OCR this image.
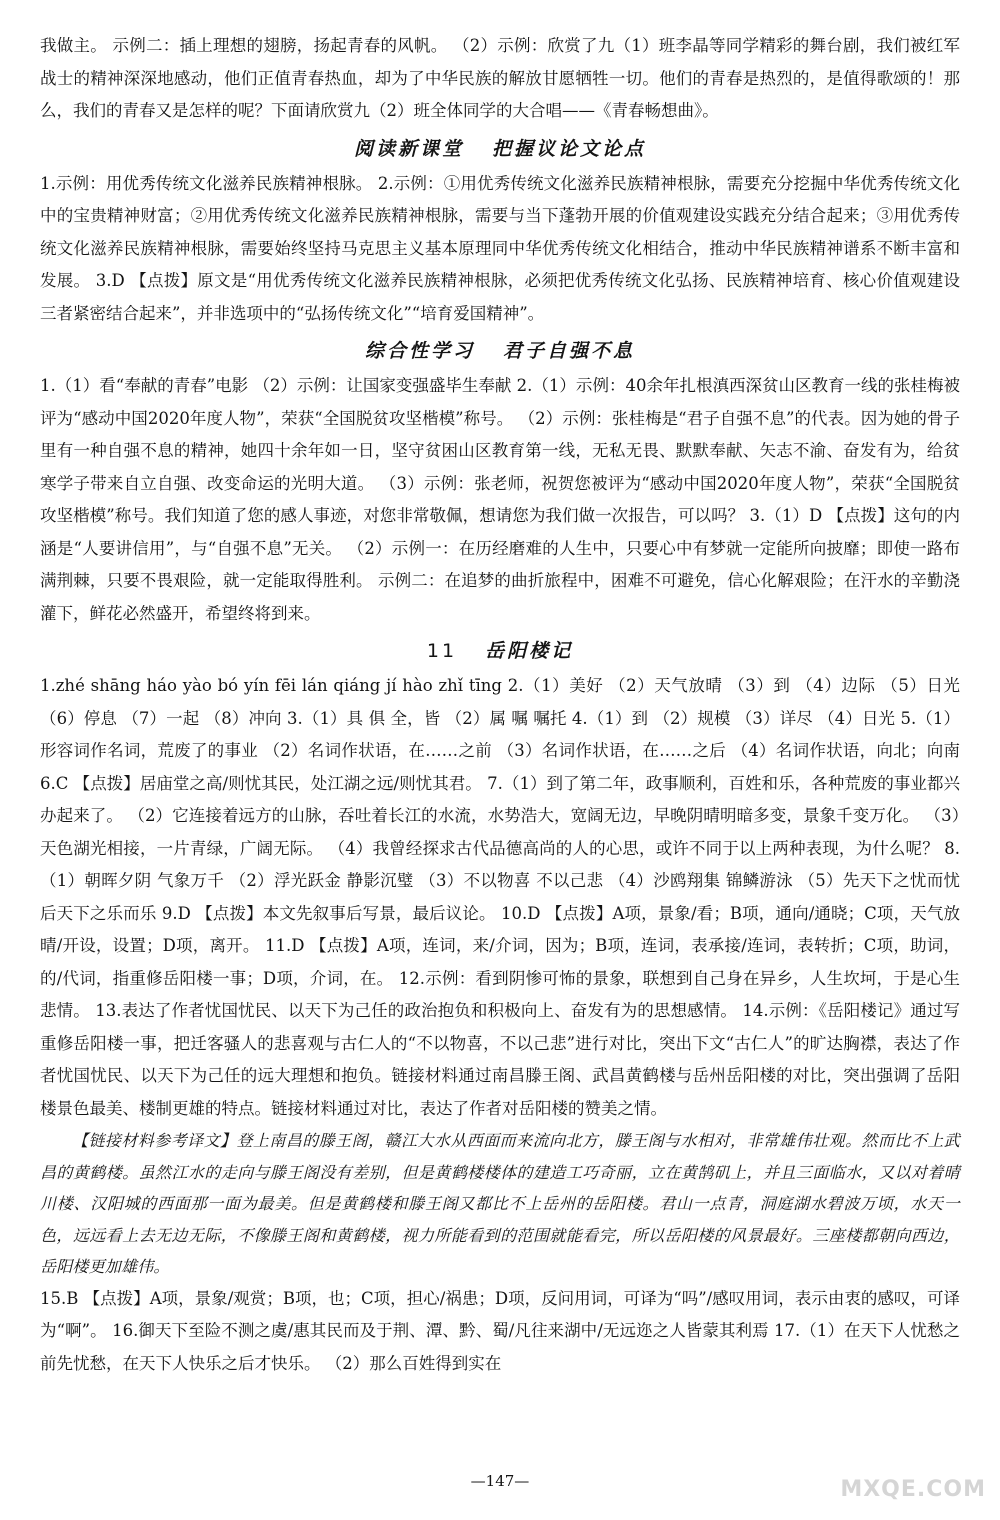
我做主。 示例二：插上理想的翅膀，扬起青春的风帆。 （2）示例：欣赏了九（1）班李晶等同学精彩的舞台剧，我们被红军战士的精神深深地感动，他们正值青春热血，却为了中华民族的解放甘愿牺牲一切。他们的青春是热烈的，是值得歌颂的！那么，我们的青春又是怎样的呢？下面请欣赏九（2）班全体同学的大合唱——《青春畅想曲》。

阅读新课堂 把握议论文论点

1.示例：用优秀传统文化滋养民族精神根脉。 2.示例：①用优秀传统文化滋养民族精神根脉，需要充分挖掘中华优秀传统文化中的宝贵精神财富；②用优秀传统文化滋养民族精神根脉，需要与当下蓬勃开展的价值观建设实践充分结合起来；③用优秀传统文化滋养民族精神根脉，需要始终坚持马克思主义基本原理同中华优秀传统文化相结合，推动中华民族精神谱系不断丰富和发展。 3.D 【点拨】原文是“用优秀传统文化滋养民族精神根脉，必须把优秀传统文化弘扬、民族精神培育、核心价值观建设三者紧密结合起来”，并非选项中的“弘扬传统文化”“培育爱国精神”。

综合性学习 君子自强不息

1.（1）看“奉献的青春”电影 （2）示例：让国家变强盛毕生奉献 2.（1）示例：40余年扎根滇西深贫山区教育一线的张桂梅被评为“感动中国2020年度人物”，荣获“全国脱贫攻坚楷模”称号。 （2）示例：张桂梅是“君子自强不息”的代表。因为她的骨子里有一种自强不息的精神，她四十余年如一日，坚守贫困山区教育第一线，无私无畏、默默奉献、矢志不渝、奋发有为，给贫寒学子带来自立自强、改变命运的光明大道。 （3）示例：张老师，祝贺您被评为“感动中国2020年度人物”，荣获“全国脱贫攻坚楷模”称号。我们知道了您的感人事迹，对您非常敬佩，想请您为我们做一次报告，可以吗？ 3.（1）D 【点拨】这句的内涵是“人要讲信用”，与“自强不息”无关。 （2）示例一：在历经磨难的人生中，只要心中有梦就一定能所向披靡；即使一路布满荆棘，只要不畏艰险，就一定能取得胜利。 示例二：在追梦的曲折旅程中，困难不可避免，信心化解艰险；在汗水的辛勤浇灌下，鲜花必然盛开，希望终将到来。

11 岳阳楼记

1.zhé shāng háo yào bó yín fēi lán qiáng jí hào zhǐ tīng 2.（1）美好 （2）天气放晴 （3）到 （4）边际 （5）日光 （6）停息 （7）一起 （8）冲向 3.（1）具 俱 全，皆 （2）属 嘱 嘱托 4.（1）到 （2）规模 （3）详尽 （4）日光 5.（1）形容词作名词，荒废了的事业 （2）名词作状语，在……之前 （3）名词作状语，在……之后 （4）名词作状语，向北；向南 6.C 【点拨】居庙堂之高/则忧其民，处江湖之远/则忧其君。 7.（1）到了第二年，政事顺利，百姓和乐，各种荒废的事业都兴办起来了。 （2）它连接着远方的山脉，吞吐着长江的水流，水势浩大，宽阔无边，早晚阴晴明暗多变，景象千变万化。 （3）天色湖光相接，一片青绿，广阔无际。 （4）我曾经探求古代品德高尚的人的心思，或许不同于以上两种表现，为什么呢？ 8.（1）朝晖夕阴 气象万千 （2）浮光跃金 静影沉璧 （3）不以物喜 不以己悲 （4）沙鸥翔集 锦鳞游泳 （5）先天下之忧而忧 后天下之乐而乐 9.D 【点拨】本文先叙事后写景，最后议论。 10.D 【点拨】A项，景象/看；B项，通向/通晓；C项，天气放晴/开设，设置；D项，离开。 11.D 【点拨】A项，连词，来/介词，因为；B项，连词，表承接/连词，表转折；C项，助词，的/代词，指重修岳阳楼一事；D项，介词，在。 12.示例：看到阴惨可怖的景象，联想到自己身在异乡，人生坎坷，于是心生悲情。 13.表达了作者忧国忧民、以天下为己任的政治抱负和积极向上、奋发有为的思想感情。 14.示例：《岳阳楼记》通过写重修岳阳楼一事，把迁客骚人的悲喜观与古仁人的“不以物喜，不以己悲”进行对比，突出下文“古仁人”的旷达胸襟，表达了作者忧国忧民、以天下为己任的远大理想和抱负。链接材料通过南昌滕王阁、武昌黄鹤楼与岳州岳阳楼的对比，突出强调了岳阳楼景色最美、楼制更雄的特点。链接材料通过对比，表达了作者对岳阳楼的赞美之情。

【链接材料参考译文】登上南昌的滕王阁，赣江大水从西面而来流向北方，滕王阁与水相对，非常雄伟壮观。然而比不上武昌的黄鹤楼。虽然江水的走向与滕王阁没有差别，但是黄鹤楼楼体的建造工巧奇丽，立在黄鹄矶上，并且三面临水，又以对着晴川楼、汉阳城的西面那一面为最美。但是黄鹤楼和滕王阁又都比不上岳州的岳阳楼。君山一点青，洞庭湖水碧波万顷，水天一色，远远看上去无边无际，不像滕王阁和黄鹤楼，视力所能看到的范围就能看完，所以岳阳楼的风景最好。三座楼都朝向西边，岳阳楼更加雄伟。

15.B 【点拨】A项，景象/观赏；B项，也；C项，担心/祸患；D项，反问用词，可译为“吗”/感叹用词，表示由衷的感叹，可译为“啊”。 16.御天下至险不测之虞/惠其民而及于荆、潭、黔、蜀/凡往来湖中/无远迩之人皆蒙其利焉 17.（1）在天下人忧愁之前先忧愁，在天下人快乐之后才快乐。 （2）那么百姓得到实在

—147—	MXQE.COM
